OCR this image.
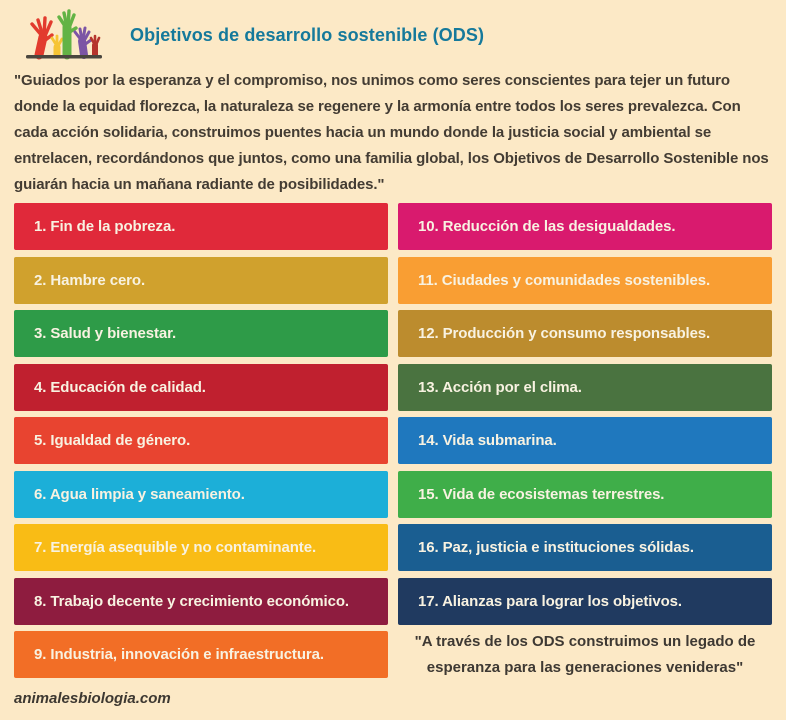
Objetivos de desarrollo sostenible (ODS)
"Guiados por la esperanza y el compromiso, nos unimos como seres conscientes para tejer un futuro donde la equidad florezca, la naturaleza se regenere y la armonía entre todos los seres prevalezca. Con cada acción solidaria, construimos puentes hacia un mundo donde la justicia social y ambiental se entrelacen, recordándonos que juntos, como una familia global, los Objetivos de Desarrollo Sostenible nos guiarán hacia un mañana radiante de posibilidades."
1. Fin de la pobreza.
2. Hambre cero.
3. Salud y bienestar.
4. Educación de calidad.
5. Igualdad de género.
6. Agua limpia y saneamiento.
7. Energía asequible y no contaminante.
8. Trabajo decente y crecimiento económico.
9. Industria, innovación e infraestructura.
10. Reducción de las desigualdades.
11. Ciudades y comunidades sostenibles.
12. Producción y consumo responsables.
13. Acción por el clima.
14. Vida submarina.
15. Vida de ecosistemas terrestres.
16. Paz, justicia e instituciones sólidas.
17. Alianzas para lograr los objetivos.
"A través de los ODS construimos un legado de esperanza para las generaciones venideras"
animalesbiologia.com
